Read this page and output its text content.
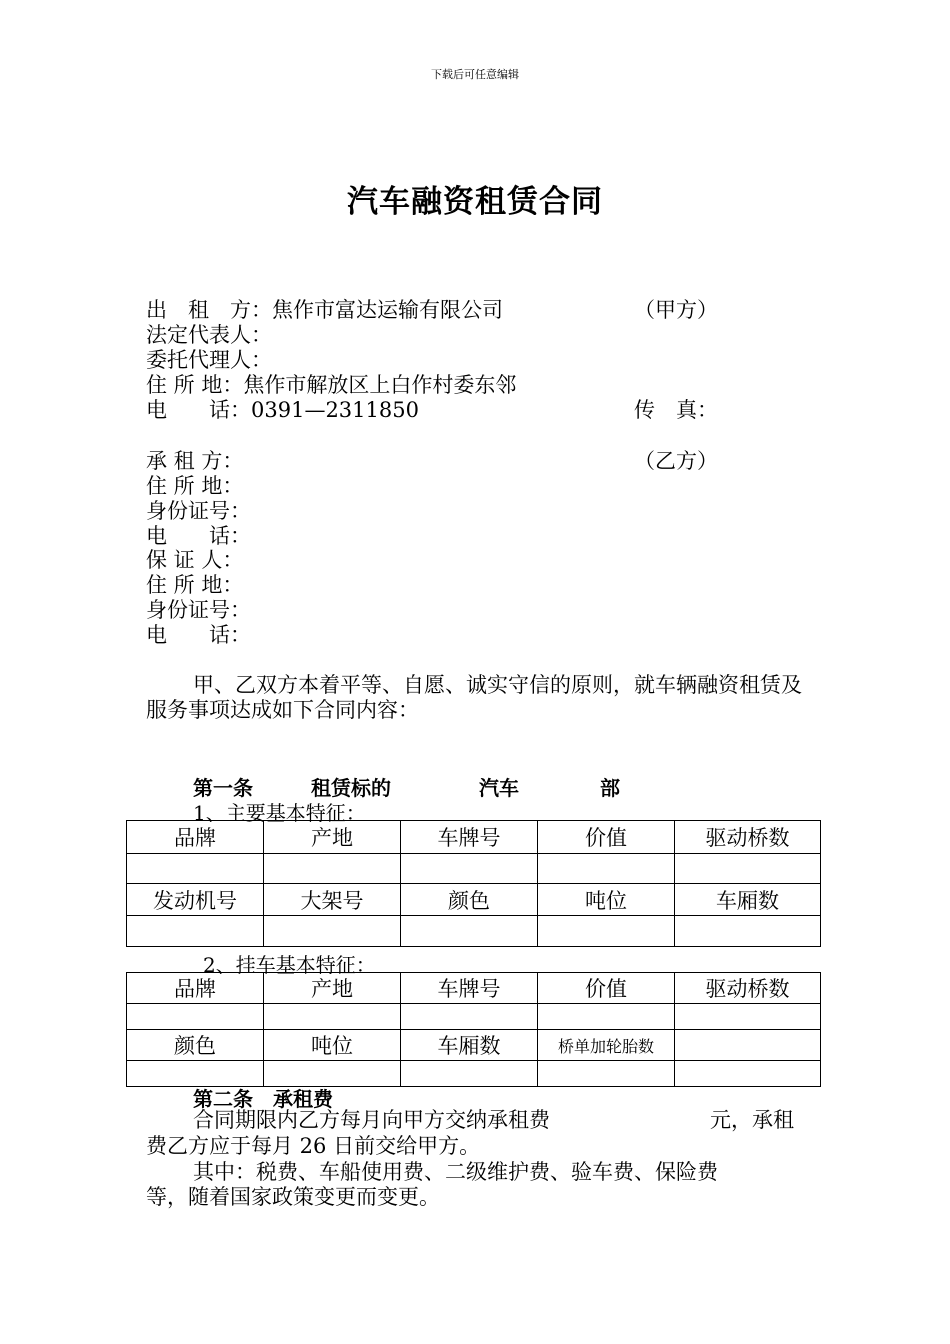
下载后可任意编辑
汽车融资租赁合同
出　租　方：焦作市富达运输有限公司	（甲方）
法定代表人：
委托代理人：
住 所 地：焦作市解放区上白作村委东邻
电　　话：0391—2311850	传　真：
承 租 方：	（乙方）
住 所 地：
身份证号：
电　　话：
保 证 人：
住 所 地：
身份证号：
电　　话：
甲、乙双方本着平等、自愿、诚实守信的原则，就车辆融资租赁及服务事项达成如下合同内容：
第一条	租赁标的	汽车	部
1、主要基本特征：
品牌	产地	车牌号	价值	驱动桥数

发动机号	大架号	颜色	吨位	车厢数

2、挂车基本特征：
品牌	产地	车牌号	价值	驱动桥数

颜色	吨位	车厢数	桥单加轮胎数	

第二条　承租费
合同期限内乙方每月向甲方交纳承租费	元，承租
费乙方应于每月 26 日前交给甲方。
其中：税费、车船使用费、二级维护费、验车费、保险费
等，随着国家政策变更而变更。
